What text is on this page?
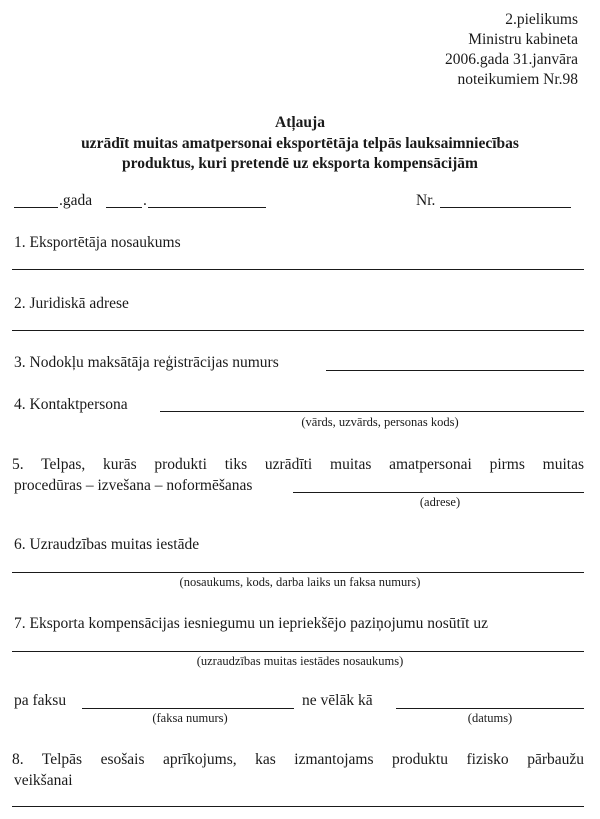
2.pielikums
Ministru kabineta
2006.gada 31.janvāra
noteikumiem Nr.98
Atļauja
uzrādīt muitas amatpersonai eksportētāja telpās lauksaimniecības
produktus, kuri pretendē uz eksporta kompensācijām
.gada	.	Nr.
1. Eksportētāja nosaukums
2. Juridiskā adrese
3. Nodokļu maksātāja reģistrācijas numurs
4. Kontaktpersona
(vārds, uzvārds, personas kods)
5. Telpas, kurās produkti tiks uzrādīti muitas amatpersonai pirms muitas
procedūras – izvešana – noformēšanas
(adrese)
6. Uzraudzības muitas iestāde
(nosaukums, kods, darba laiks un faksa numurs)
7. Eksporta kompensācijas iesniegumu un iepriekšējo paziņojumu nosūtīt uz
(uzraudzības muitas iestādes nosaukums)
pa faksu
(faksa numurs)
ne vēlāk kā
(datums)
8. Telpās esošais aprīkojums, kas izmantojams produktu fizisko pārbaužu
veikšanai
